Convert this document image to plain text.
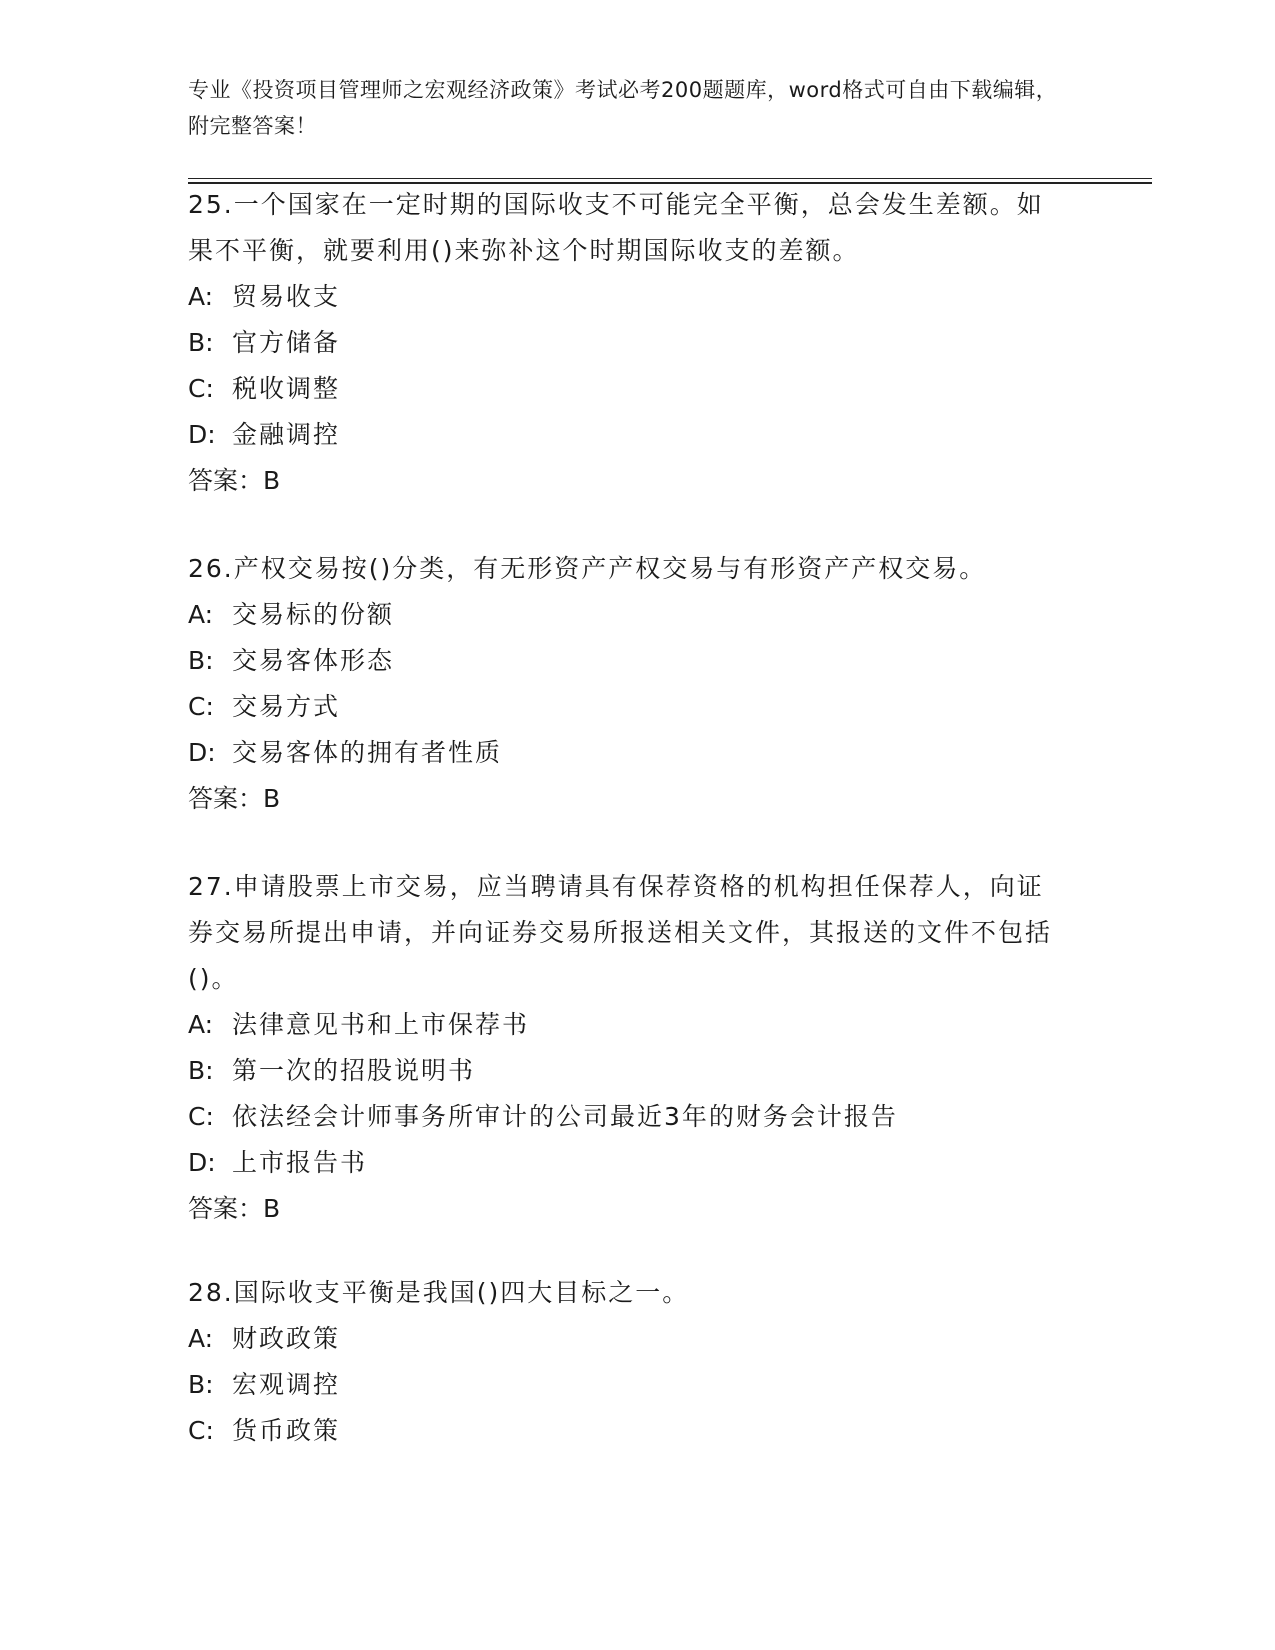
专业《投资项目管理师之宏观经济政策》考试必考200题题库，word格式可自由下载编辑，附完整答案！

25.一个国家在一定时期的国际收支不可能完全平衡，总会发生差额。如果不平衡，就要利用()来弥补这个时期国际收支的差额。

A: 贸易收支

B: 官方储备

C: 税收调整

D: 金融调控

答案：B

26.产权交易按()分类，有无形资产产权交易与有形资产产权交易。

A: 交易标的份额

B: 交易客体形态

C: 交易方式

D: 交易客体的拥有者性质

答案：B

27.申请股票上市交易，应当聘请具有保荐资格的机构担任保荐人，向证券交易所提出申请，并向证券交易所报送相关文件，其报送的文件不包括()。

A: 法律意见书和上市保荐书

B: 第一次的招股说明书

C: 依法经会计师事务所审计的公司最近3年的财务会计报告

D: 上市报告书

答案：B

28.国际收支平衡是我国()四大目标之一。

A: 财政政策

B: 宏观调控

C: 货币政策
